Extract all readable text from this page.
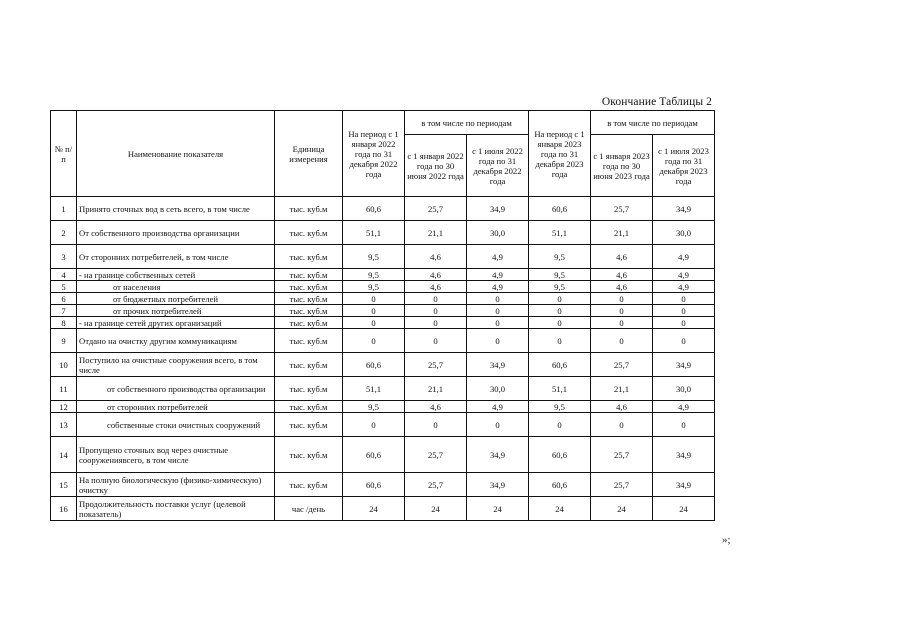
Окончание Таблицы 2
№ п/п	Наименование показателя	Единица измерения	На период с 1 января 2022 года по 31 декабря 2022 года	в том числе по периодам		На период с 1 января 2023 года по 31 декабря 2023 года	в том числе по периодам	
				с 1 января 2022 года по 30 июня 2022 года	с 1 июля 2022 года по 31 декабря 2022 года		с 1 января 2023 года по 30 июня 2023 года	с 1 июля 2023 года по 31 декабря 2023 года
1	Принято сточных вод в сеть всего, в том числе	тыс. куб.м	60,6	25,7	34,9	60,6	25,7	34,9
2	От собственного производства организации	тыс. куб.м	51,1	21,1	30,0	51,1	21,1	30,0
3	От сторонних потребителей, в том числе	тыс. куб.м	9,5	4,6	4,9	9,5	4,6	4,9
4	- на границе собственных сетей	тыс. куб.м	9,5	4,6	4,9	9,5	4,6	4,9
5	от населения	тыс. куб.м	9,5	4,6	4,9	9,5	4,6	4,9
6	от бюджетных потребителей	тыс. куб.м	0	0	0	0	0	0
7	от прочих потребителей	тыс. куб.м	0	0	0	0	0	0
8	- на границе сетей других организаций	тыс. куб.м	0	0	0	0	0	0
9	Отдано на очистку другим коммуникациям	тыс. куб.м	0	0	0	0	0	0
10	Поступило на очистные сооружения всего, в том числе	тыс. куб.м	60,6	25,7	34,9	60,6	25,7	34,9
11	от собственного производства организации	тыс. куб.м	51,1	21,1	30,0	51,1	21,1	30,0
12	от сторонних потребителей	тыс. куб.м	9,5	4,6	4,9	9,5	4,6	4,9
13	собственные стоки очистных сооружений	тыс. куб.м	0	0	0	0	0	0
14	Пропущено сточных вод через очистные сооружениявсего, в том числе	тыс. куб.м	60,6	25,7	34,9	60,6	25,7	34,9
15	На полную биологическую (физико-химическую) очистку	тыс. куб.м	60,6	25,7	34,9	60,6	25,7	34,9
16	Продолжительность поставки услуг (целевой показатель)	час /день	24	24	24	24	24	24
»;
